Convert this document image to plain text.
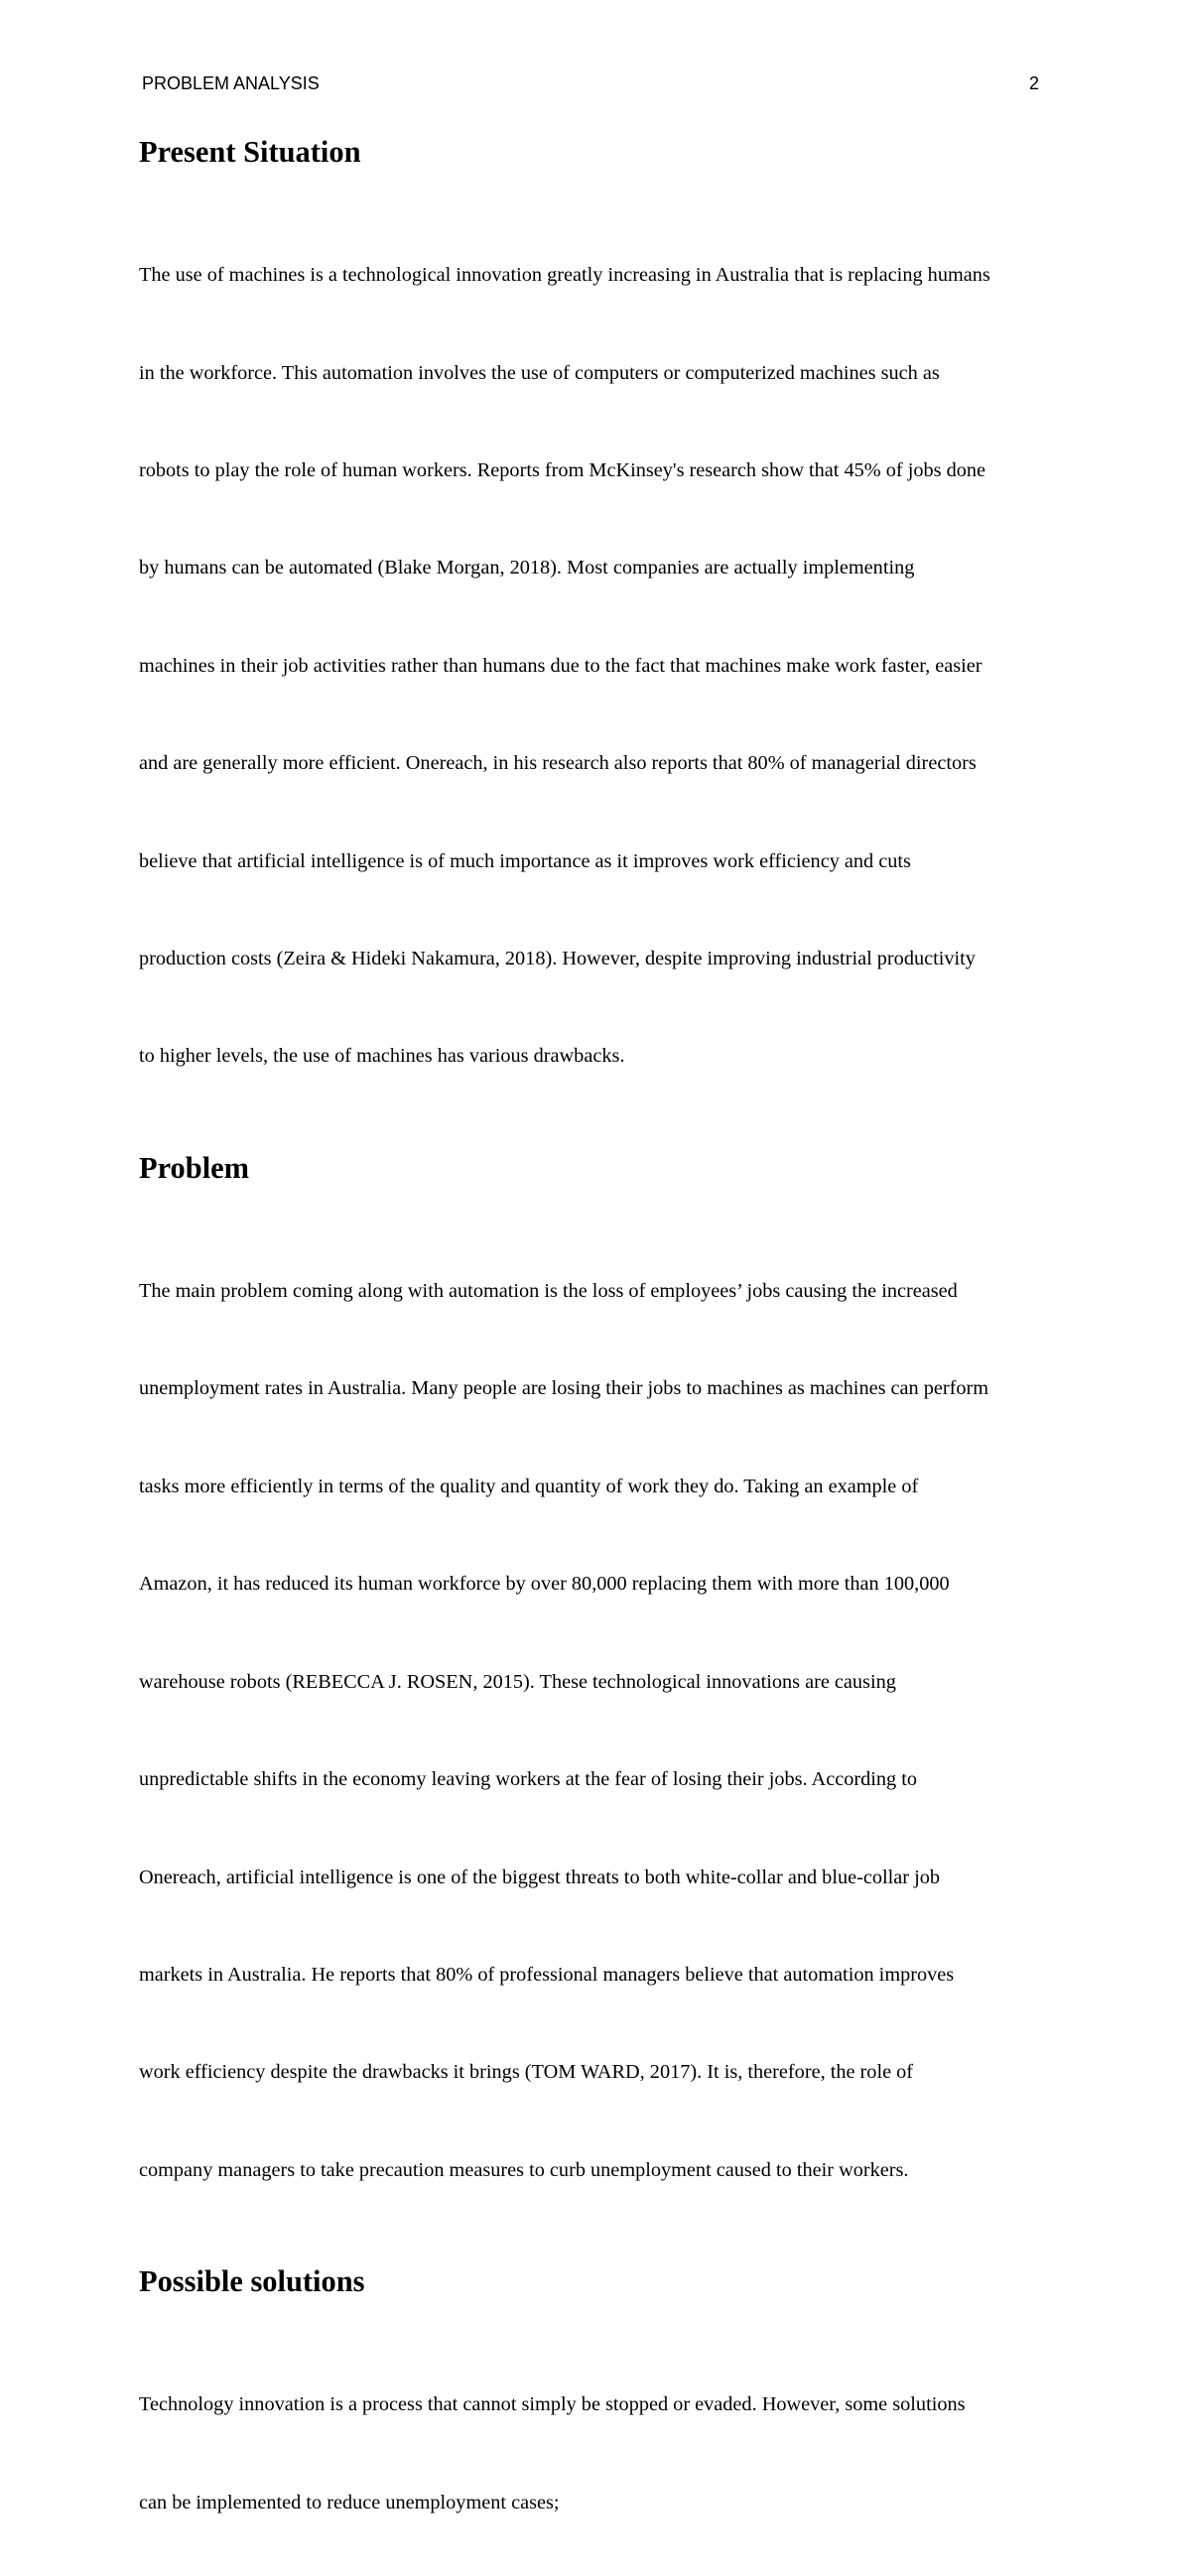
PROBLEM ANALYSIS	2
Present Situation

The use of machines is a technological innovation greatly increasing in Australia that is replacing humans

in the workforce. This automation involves the use of computers or computerized machines such as

robots to play the role of human workers. Reports from McKinsey's research show that 45% of jobs done

by humans can be automated (Blake Morgan, 2018). Most companies are actually implementing

machines in their job activities rather than humans due to the fact that machines make work faster, easier

and are generally more efficient. Onereach, in his research also reports that 80% of managerial directors

believe that artificial intelligence is of much importance as it improves work efficiency and cuts

production costs (Zeira & Hideki Nakamura, 2018). However, despite improving industrial productivity

to higher levels, the use of machines has various drawbacks.

Problem

The main problem coming along with automation is the loss of employees’ jobs causing the increased

unemployment rates in Australia. Many people are losing their jobs to machines as machines can perform

tasks more efficiently in terms of the quality and quantity of work they do. Taking an example of

Amazon, it has reduced its human workforce by over 80,000 replacing them with more than 100,000

warehouse robots (REBECCA J. ROSEN, 2015). These technological innovations are causing

unpredictable shifts in the economy leaving workers at the fear of losing their jobs. According to

Onereach, artificial intelligence is one of the biggest threats to both white-collar and blue-collar job

markets in Australia. He reports that 80% of professional managers believe that automation improves

work efficiency despite the drawbacks it brings (TOM WARD, 2017). It is, therefore, the role of

company managers to take precaution measures to curb unemployment caused to their workers.

Possible solutions

Technology innovation is a process that cannot simply be stopped or evaded. However, some solutions

can be implemented to reduce unemployment cases;
